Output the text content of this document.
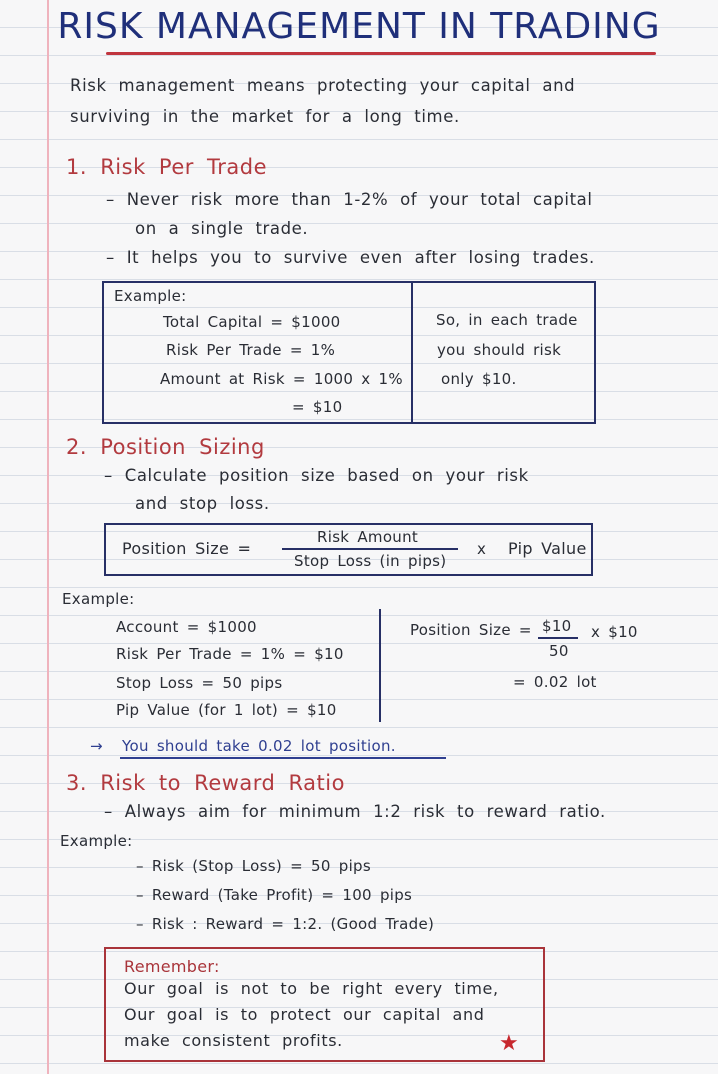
RISK MANAGEMENT IN TRADING
Risk management means protecting your capital and
surviving in the market for a long time.
1. Risk Per Trade
– Never risk more than 1-2% of your total capital
on a single trade.
– It helps you to survive even after losing trades.
Example:
Total Capital = $1000
Risk Per Trade = 1%
Amount at Risk = 1000 x 1%
= $10
So, in each trade
you should risk
only $10.
2. Position Sizing
– Calculate position size based on your risk
and stop loss.
Position Size =
Risk Amount
Stop Loss (in pips)
x Pip Value
Example:
Account = $1000
Risk Per Trade = 1% = $10
Stop Loss = 50 pips
Pip Value (for 1 lot) = $10
Position Size = $10
50
x $10
= 0.02 lot
→ You should take 0.02 lot position.
3. Risk to Reward Ratio
– Always aim for minimum 1:2 risk to reward ratio.
Example:
– Risk (Stop Loss) = 50 pips
– Reward (Take Profit) = 100 pips
– Risk : Reward = 1:2. (Good Trade)
Remember:
Our goal is not to be right every time,
Our goal is to protect our capital and
make consistent profits.	★
